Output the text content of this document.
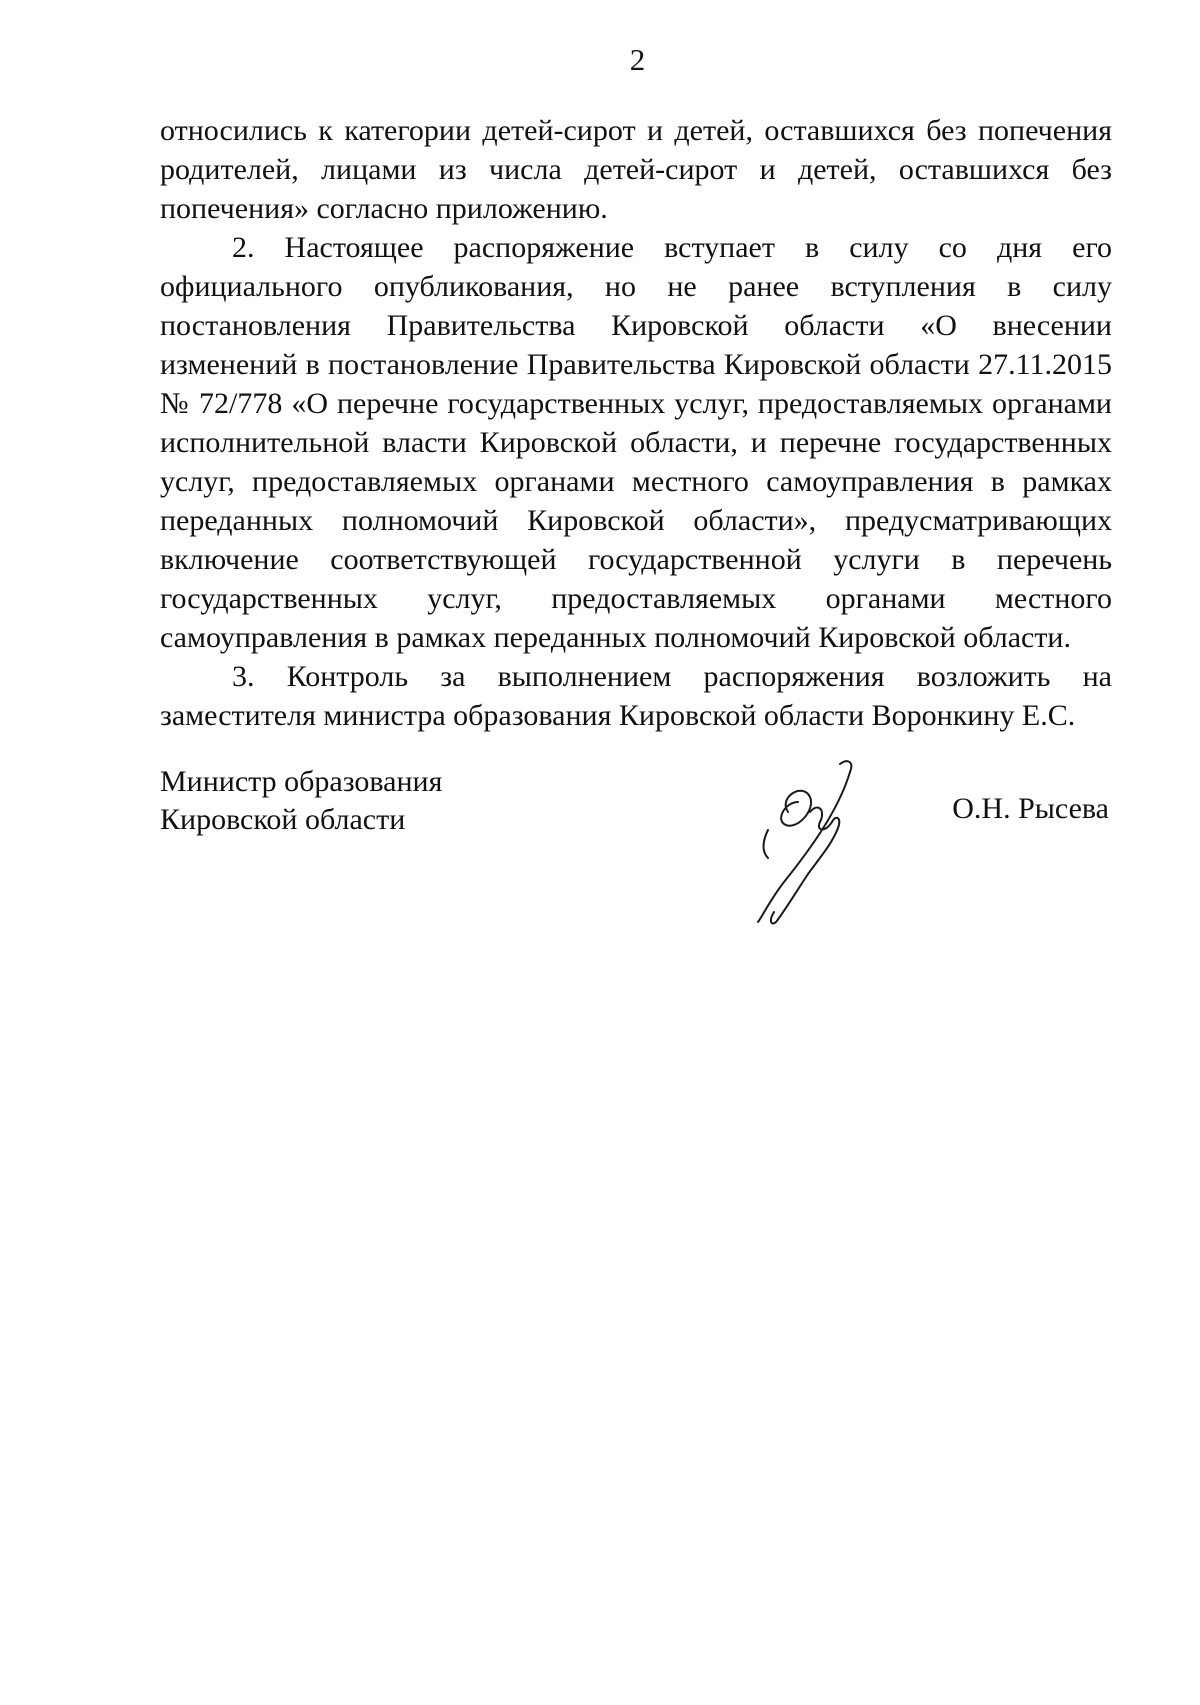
2

относились к категории детей-сирот и детей, оставшихся без попечения родителей, лицами из числа детей-сирот и детей, оставшихся без попечения» согласно приложению.

2. Настоящее распоряжение вступает в силу со дня его официального опубликования, но не ранее вступления в силу постановления Правительства Кировской области «О внесении изменений в постановление Правительства Кировской области 27.11.2015 № 72/778 «О перечне государственных услуг, предоставляемых органами исполнительной власти Кировской области, и перечне государственных услуг, предоставляемых органами местного самоуправления в рамках переданных полномочий Кировской области», предусматривающих включение соответствующей государственной услуги в перечень государственных услуг, предоставляемых органами местного самоуправления в рамках переданных полномочий Кировской области.

3. Контроль за выполнением распоряжения возложить на заместителя министра образования Кировской области Воронкину Е.С.

Министр образования
Кировской области	О.Н. Рысева
